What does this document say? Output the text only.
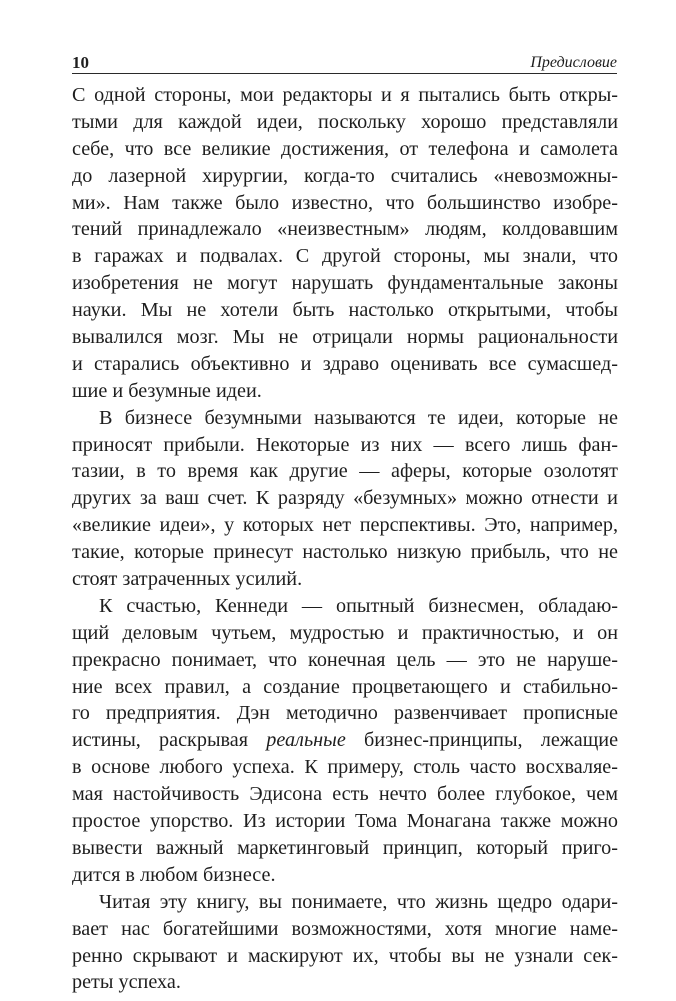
10	Предисловие
С одной стороны, мои редакторы и я пытались быть откры-
тыми для каждой идеи, поскольку хорошо представляли
себе, что все великие достижения, от телефона и самолета
до лазерной хирургии, когда-то считались «невозможны-
ми». Нам также было известно, что большинство изобре-
тений принадлежало «неизвестным» людям, колдовавшим
в гаражах и подвалах. С другой стороны, мы знали, что
изобретения не могут нарушать фундаментальные законы
науки. Мы не хотели быть настолько открытыми, чтобы
вывалился мозг. Мы не отрицали нормы рациональности
и старались объективно и здраво оценивать все сумасшед-
шие и безумные идеи.
В бизнесе безумными называются те идеи, которые не
приносят прибыли. Некоторые из них — всего лишь фан-
тазии, в то время как другие — аферы, которые озолотят
других за ваш счет. К разряду «безумных» можно отнести и
«великие идеи», у которых нет перспективы. Это, например,
такие, которые принесут настолько низкую прибыль, что не
стоят затраченных усилий.
К счастью, Кеннеди — опытный бизнесмен, обладаю-
щий деловым чутьем, мудростью и практичностью, и он
прекрасно понимает, что конечная цель — это не наруше-
ние всех правил, а создание процветающего и стабильно-
го предприятия. Дэн методично развенчивает прописные
истины, раскрывая реальные бизнес-принципы, лежащие
в основе любого успеха. К примеру, столь часто восхваляе-
мая настойчивость Эдисона есть нечто более глубокое, чем
простое упорство. Из истории Тома Монагана также можно
вывести важный маркетинговый принцип, который приго-
дится в любом бизнесе.
Читая эту книгу, вы понимаете, что жизнь щедро одари-
вает нас богатейшими возможностями, хотя многие наме-
ренно скрывают и маскируют их, чтобы вы не узнали сек-
реты успеха.
